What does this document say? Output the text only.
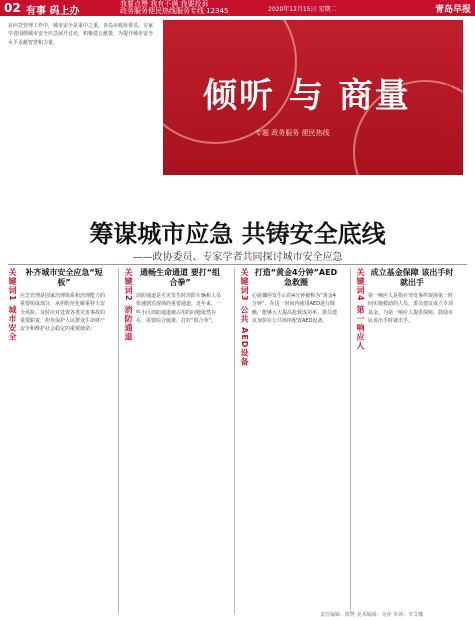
02 有事 码上办
我要点赞 我有不满 我要投诉
政务服务便民热线服务专线 12345	2020年12月15日 星期二	青岛早报
在应急管理工作中，城市安全是重中之重。青岛市政协委员、专家学者围绕城市安全应急展开讨论，积极建言献策，为提升城市安全水平贡献智慧和力量。
倾听 与 商量
专题 政务服务 便民热线
倾听与商量 政协委员 市民热线
筹谋城市应急 共铸安全底线
——政协委员、专家学者共同探讨城市安全应急
关键词1 城市安全	补齐城市安全应急“短板”
应急管理是国家治理体系和治理能力的重要组成部分，承担防范化解重特大安全风险、及时应对处置各类灾害事故的重要职责，担负保护人民群众生命财产安全和维护社会稳定的重要使命。	关键词2 消防通道 通畅生命通道 要打“组合拳”
消防通道是火灾发生时消防车辆和人员快速到达现场的重要通道。近年来，一些小区消防通道被占用的问题依然存在，需要综合施策，打好“组合拳”。	关键词3 公共 AED设备 打造“黄金4分钟”AED急救圈
心脏骤停发生后的4分钟被称为“黄金4分钟”，在这一时间内使用AED进行除颤，能够大大提高抢救成功率。委员建议加快在公共场所配置AED设备。	关键词4 第一响应人 成立基金保障 该出手时就出手
第一响应人是指在突发事件现场第一时间实施救助的人员。委员建议成立专项基金，为第一响应人提供保障，鼓励市民该出手时就出手。
责任编辑：陈菁 美术编辑：吴萍 审读：李文娜
